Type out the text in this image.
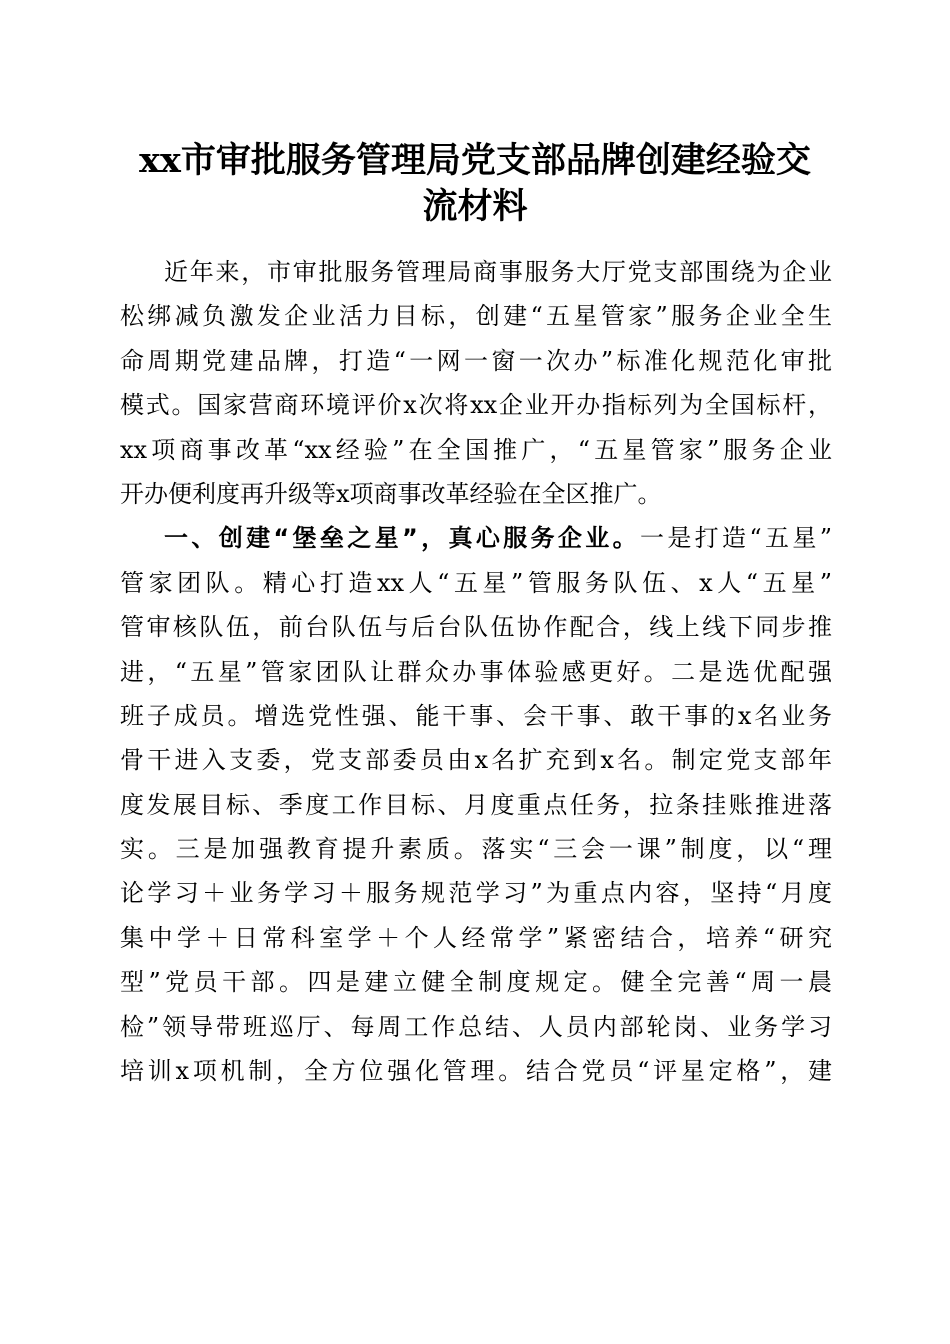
xx市审批服务管理局党支部品牌创建经验交
流材料
近年来，市审批服务管理局商事服务大厅党支部围绕为企业
松绑减负激发企业活力目标，创建“五星管家”服务企业全生
命周期党建品牌，打造“一网一窗一次办”标准化规范化审批
模式。国家营商环境评价x次将xx企业开办指标列为全国标杆，
xx项商事改革“xx经验”在全国推广，“五星管家”服务企业
开办便利度再升级等x项商事改革经验在全区推广。
一、创建“堡垒之星”，真心服务企业。一是打造“五星”
管家团队。精心打造xx人“五星”管服务队伍、x人“五星”
管审核队伍，前台队伍与后台队伍协作配合，线上线下同步推
进，“五星”管家团队让群众办事体验感更好。二是选优配强
班子成员。增选党性强、能干事、会干事、敢干事的x名业务
骨干进入支委，党支部委员由x名扩充到x名。制定党支部年
度发展目标、季度工作目标、月度重点任务，拉条挂账推进落
实。三是加强教育提升素质。落实“三会一课”制度，以“理
论学习＋业务学习＋服务规范学习”为重点内容，坚持“月度
集中学＋日常科室学＋个人经常学”紧密结合，培养“研究
型”党员干部。四是建立健全制度规定。健全完善“周一晨
检”领导带班巡厅、每周工作总结、人员内部轮岗、业务学习
培训x项机制，全方位强化管理。结合党员“评星定格”，建
